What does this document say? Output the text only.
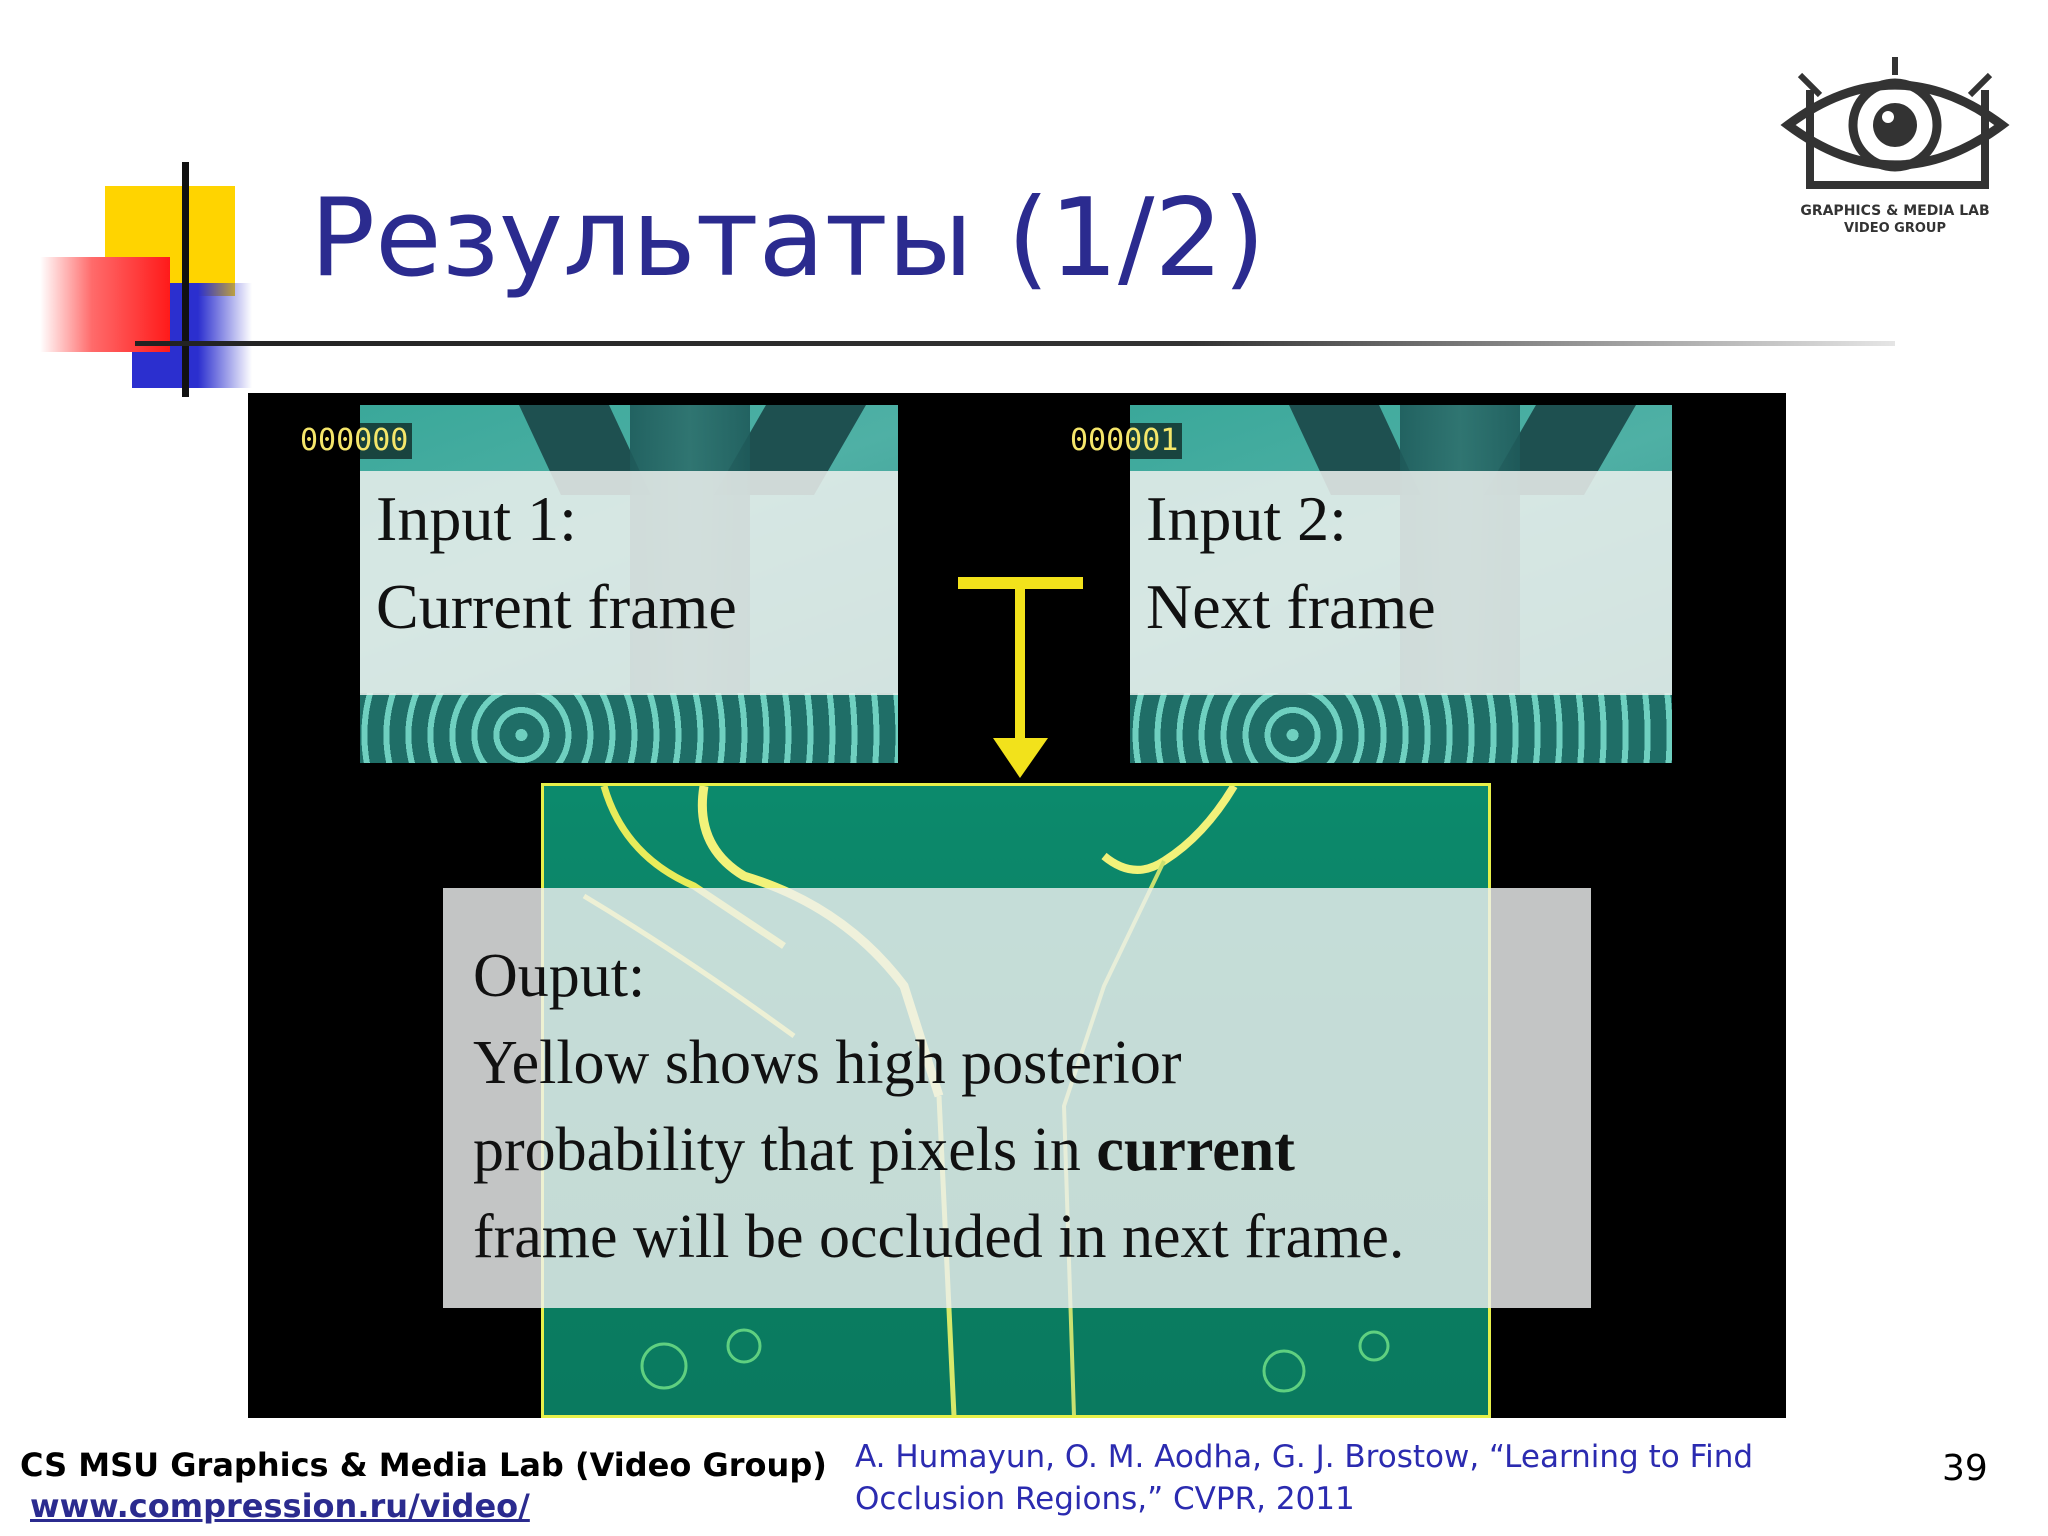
Результаты (1/2)	GRAPHICS & MEDIA LAB
VIDEO GROUP
Input 1:
Current frame
000000
Input 2:
Next frame
000001
Ouput:
Yellow shows high posterior
probability that pixels in current
frame will be occluded in next frame.
CS MSU Graphics & Media Lab (Video Group)
www.compression.ru/video/
A. Humayun, O. M. Aodha, G. J. Brostow, “Learning to Find Occlusion Regions,” CVPR, 2011
39
